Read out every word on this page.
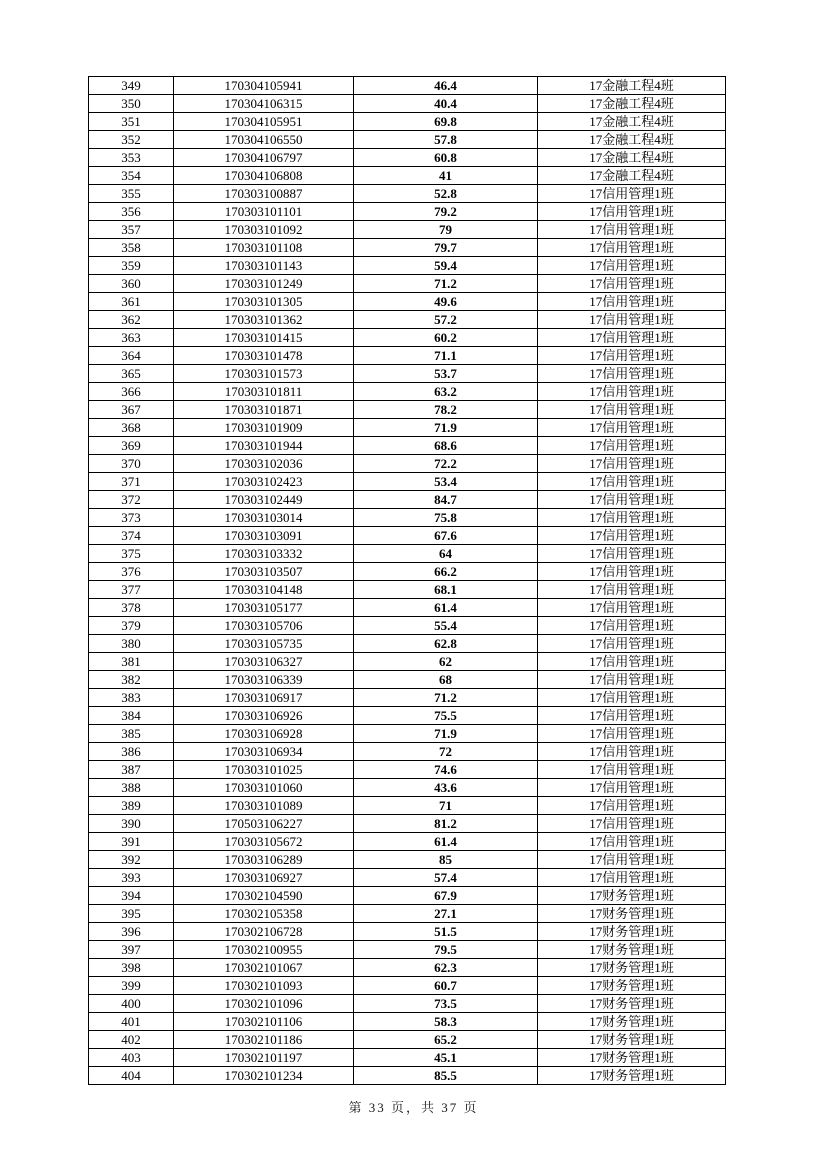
349	170304105941	46.4	17金融工程4班
350	170304106315	40.4	17金融工程4班
351	170304105951	69.8	17金融工程4班
352	170304106550	57.8	17金融工程4班
353	170304106797	60.8	17金融工程4班
354	170304106808	41	17金融工程4班
355	170303100887	52.8	17信用管理1班
356	170303101101	79.2	17信用管理1班
357	170303101092	79	17信用管理1班
358	170303101108	79.7	17信用管理1班
359	170303101143	59.4	17信用管理1班
360	170303101249	71.2	17信用管理1班
361	170303101305	49.6	17信用管理1班
362	170303101362	57.2	17信用管理1班
363	170303101415	60.2	17信用管理1班
364	170303101478	71.1	17信用管理1班
365	170303101573	53.7	17信用管理1班
366	170303101811	63.2	17信用管理1班
367	170303101871	78.2	17信用管理1班
368	170303101909	71.9	17信用管理1班
369	170303101944	68.6	17信用管理1班
370	170303102036	72.2	17信用管理1班
371	170303102423	53.4	17信用管理1班
372	170303102449	84.7	17信用管理1班
373	170303103014	75.8	17信用管理1班
374	170303103091	67.6	17信用管理1班
375	170303103332	64	17信用管理1班
376	170303103507	66.2	17信用管理1班
377	170303104148	68.1	17信用管理1班
378	170303105177	61.4	17信用管理1班
379	170303105706	55.4	17信用管理1班
380	170303105735	62.8	17信用管理1班
381	170303106327	62	17信用管理1班
382	170303106339	68	17信用管理1班
383	170303106917	71.2	17信用管理1班
384	170303106926	75.5	17信用管理1班
385	170303106928	71.9	17信用管理1班
386	170303106934	72	17信用管理1班
387	170303101025	74.6	17信用管理1班
388	170303101060	43.6	17信用管理1班
389	170303101089	71	17信用管理1班
390	170503106227	81.2	17信用管理1班
391	170303105672	61.4	17信用管理1班
392	170303106289	85	17信用管理1班
393	170303106927	57.4	17信用管理1班
394	170302104590	67.9	17财务管理1班
395	170302105358	27.1	17财务管理1班
396	170302106728	51.5	17财务管理1班
397	170302100955	79.5	17财务管理1班
398	170302101067	62.3	17财务管理1班
399	170302101093	60.7	17财务管理1班
400	170302101096	73.5	17财务管理1班
401	170302101106	58.3	17财务管理1班
402	170302101186	65.2	17财务管理1班
403	170302101197	45.1	17财务管理1班
404	170302101234	85.5	17财务管理1班
第 33 页，共 37 页
